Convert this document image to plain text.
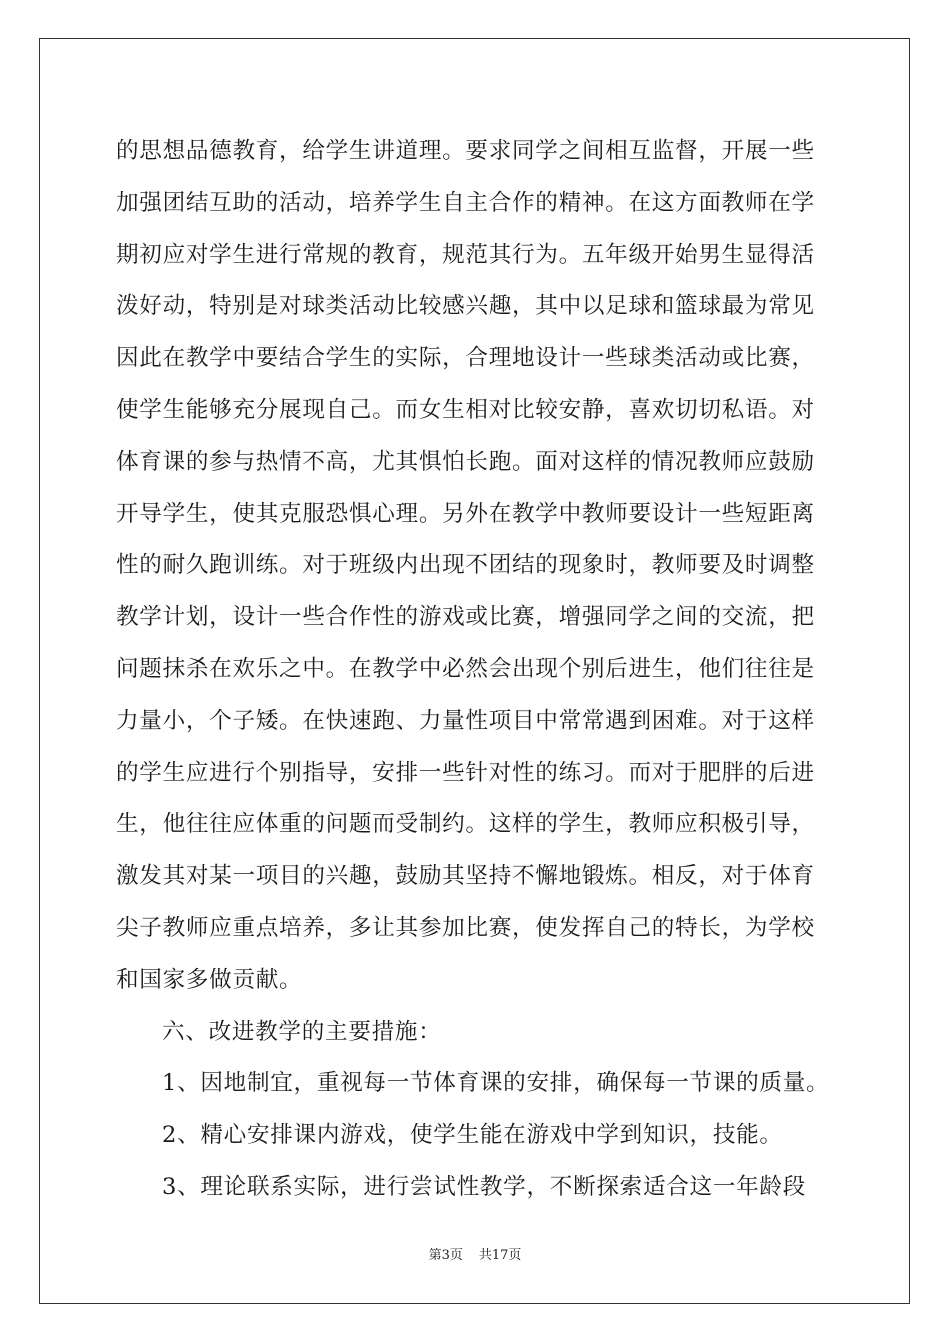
的思想品德教育，给学生讲道理。要求同学之间相互监督，开展一些
加强团结互助的活动，培养学生自主合作的精神。在这方面教师在学
期初应对学生进行常规的教育，规范其行为。五年级开始男生显得活
泼好动，特别是对球类活动比较感兴趣，其中以足球和篮球最为常见
因此在教学中要结合学生的实际，合理地设计一些球类活动或比赛，
使学生能够充分展现自己。而女生相对比较安静，喜欢切切私语。对
体育课的参与热情不高，尤其惧怕长跑。面对这样的情况教师应鼓励
开导学生，使其克服恐惧心理。另外在教学中教师要设计一些短距离
性的耐久跑训练。对于班级内出现不团结的现象时，教师要及时调整
教学计划，设计一些合作性的游戏或比赛，增强同学之间的交流，把
问题抹杀在欢乐之中。在教学中必然会出现个别后进生，他们往往是
力量小，个子矮。在快速跑、力量性项目中常常遇到困难。对于这样
的学生应进行个别指导，安排一些针对性的练习。而对于肥胖的后进
生，他往往应体重的问题而受制约。这样的学生，教师应积极引导，
激发其对某一项目的兴趣，鼓励其坚持不懈地锻炼。相反，对于体育
尖子教师应重点培养，多让其参加比赛，使发挥自己的特长，为学校
和国家多做贡献。
六、改进教学的主要措施：
1、因地制宜，重视每一节体育课的安排，确保每一节课的质量。
2、精心安排课内游戏，使学生能在游戏中学到知识，技能。
3、理论联系实际，进行尝试性教学，不断探索适合这一年龄段
第3页 共17页
